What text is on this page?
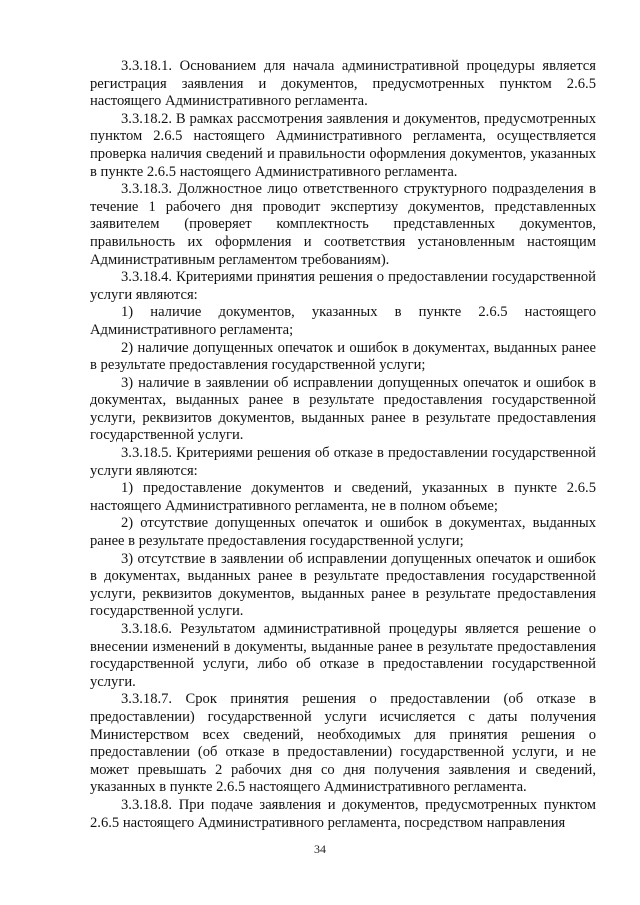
3.3.18.1. Основанием для начала административной процедуры является регистрация заявления и документов, предусмотренных пунктом 2.6.5 настоящего Административного регламента.

3.3.18.2. В рамках рассмотрения заявления и документов, предусмотренных пунктом 2.6.5 настоящего Административного регламента, осуществляется проверка наличия сведений и правильности оформления документов, указанных в пункте 2.6.5 настоящего Административного регламента.

3.3.18.3. Должностное лицо ответственного структурного подразделения в течение 1 рабочего дня проводит экспертизу документов, представленных заявителем (проверяет комплектность представленных документов, правильность их оформления и соответствия установленным настоящим Административным регламентом требованиям).

3.3.18.4. Критериями принятия решения о предоставлении государственной услуги являются:

1) наличие документов, указанных в пункте 2.6.5 настоящего Административного регламента;

2) наличие допущенных опечаток и ошибок в документах, выданных ранее в результате предоставления государственной услуги;

3) наличие в заявлении об исправлении допущенных опечаток и ошибок в документах, выданных ранее в результате предоставления государственной услуги, реквизитов документов, выданных ранее в результате предоставления государственной услуги.

3.3.18.5. Критериями решения об отказе в предоставлении государственной услуги являются:

1) предоставление документов и сведений, указанных в пункте 2.6.5 настоящего Административного регламента, не в полном объеме;

2) отсутствие допущенных опечаток и ошибок в документах, выданных ранее в результате предоставления государственной услуги;

3) отсутствие в заявлении об исправлении допущенных опечаток и ошибок в документах, выданных ранее в результате предоставления государственной услуги, реквизитов документов, выданных ранее в результате предоставления государственной услуги.

3.3.18.6. Результатом административной процедуры является решение о внесении изменений в документы, выданные ранее в результате предоставления государственной услуги, либо об отказе в предоставлении государственной услуги.

3.3.18.7. Срок принятия решения о предоставлении (об отказе в предоставлении) государственной услуги исчисляется с даты получения Министерством всех сведений, необходимых для принятия решения о предоставлении (об отказе в предоставлении) государственной услуги, и не может превышать 2 рабочих дня со дня получения заявления и сведений, указанных в пункте 2.6.5 настоящего Административного регламента.

3.3.18.8. При подаче заявления и документов, предусмотренных пунктом 2.6.5 настоящего Административного регламента, посредством направления

34
